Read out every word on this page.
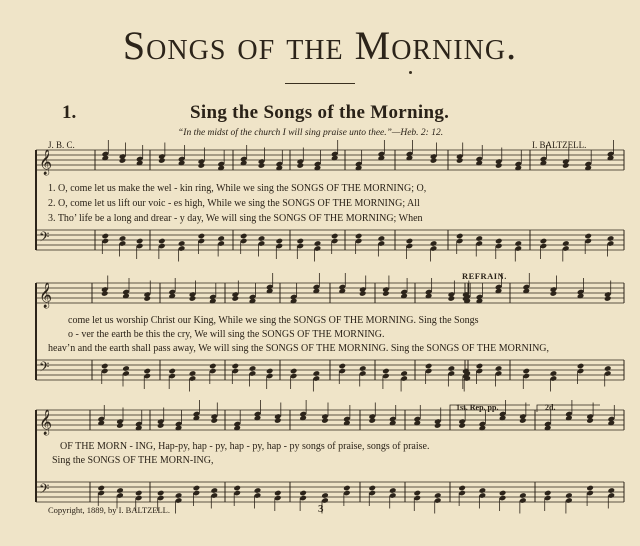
Songs of the Morning.
1.	Sing the Songs of the Morning.
“In the midst of the church I will sing praise unto thee.”—Heb. 2: 12.
J. B. C.	I. BALTZELL.
𝄞
𝄢
𝄞
𝄢
𝄞
𝄢
1. O, come let us make the wel - kin ring, While we sing the SONGS OF THE MORNING; O,
2. O, come let us lift our voic - es high, While we sing the SONGS OF THE MORNING; All
3. Tho’ life be a long and drear - y day, We will sing the SONGS OF THE MORNING; When
REFRAIN.
come let us worship Christ our King, While we sing the SONGS OF THE MORNING. Sing the Songs
o - ver the earth be this the cry, We will sing the SONGS OF THE MORNING.
heav’n and the earth shall pass away, We will sing the SONGS OF THE MORNING. Sing the SONGS OF THE MORNING,
1st. Rep. pp.	2d.
OF THE MORN - ING, Hap-py, hap - py, hap - py, hap - py songs of praise, songs of praise.
Sing the SONGS OF THE MORN-ING,
Copyright, 1889, by I. BALTZELL.	3
